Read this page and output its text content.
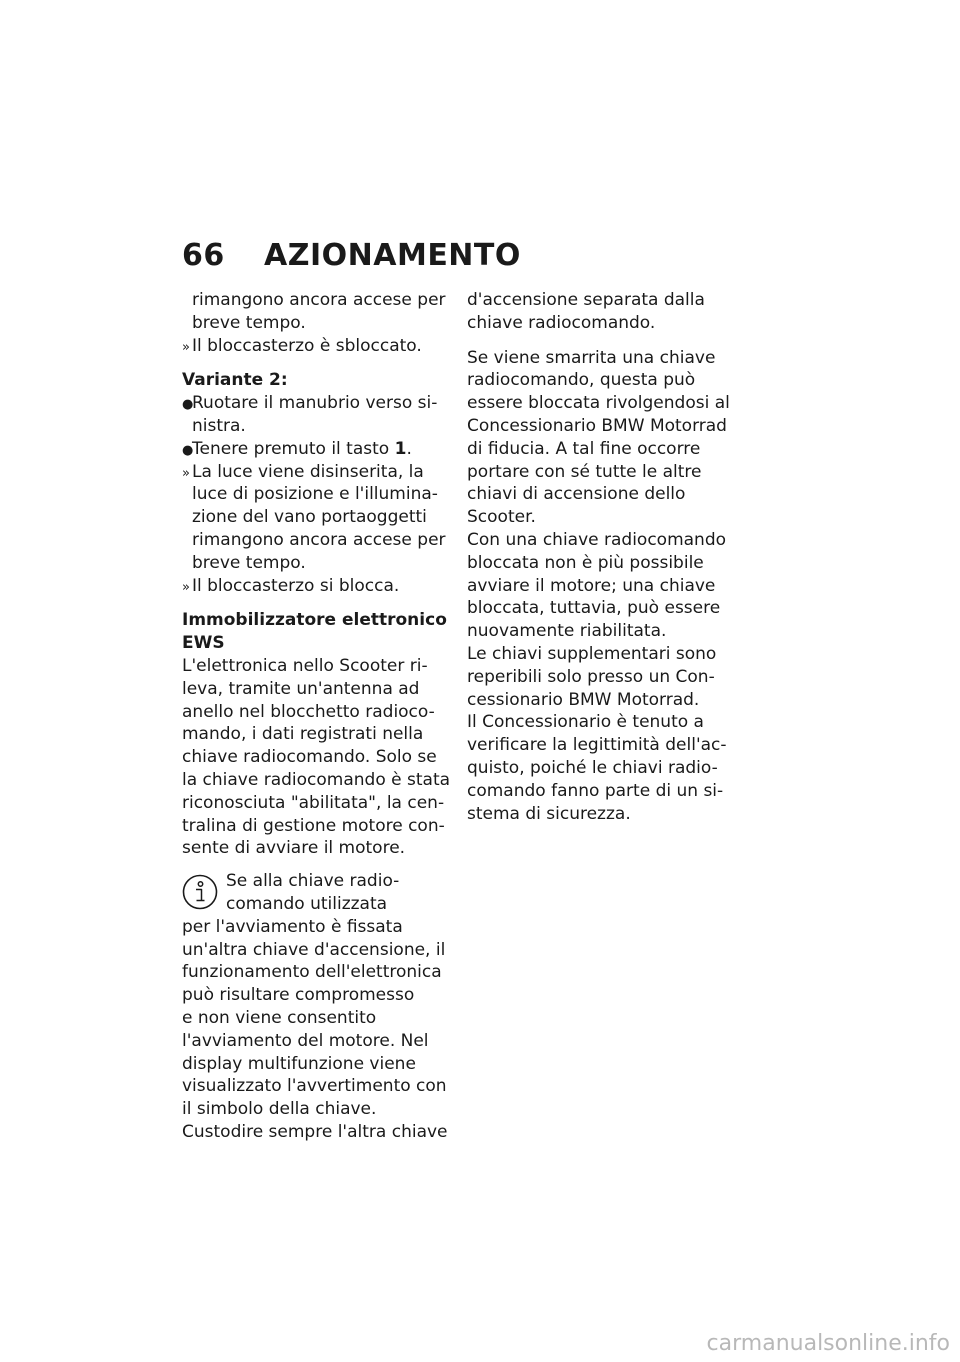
66	AZIONAMENTO
rimangono ancora accese per
breve tempo.
» Il bloccasterzo è sbloccato.
Variante 2:
●Ruotare il manubrio verso si-
nistra.
●Tenere premuto il tasto 1.
» La luce viene disinserita, la
luce di posizione e l'illumina-
zione del vano portaoggetti
rimangono ancora accese per
breve tempo.
» Il bloccasterzo si blocca.
Immobilizzatore elettronico
EWS
L'elettronica nello Scooter ri-
leva, tramite un'antenna ad
anello nel blocchetto radioco-
mando, i dati registrati nella
chiave radiocomando. Solo se
la chiave radiocomando è stata
riconosciuta "abilitata", la cen-
tralina di gestione motore con-
sente di avviare il motore.
Se alla chiave radio-
comando utilizzata
per l'avviamento è fissata
un'altra chiave d'accensione, il
funzionamento dell'elettronica
può risultare compromesso
e non viene consentito
l'avviamento del motore. Nel
display multifunzione viene
visualizzato l'avvertimento con
il simbolo della chiave.
Custodire sempre l'altra chiave
d'accensione separata dalla
chiave radiocomando.
Se viene smarrita una chiave
radiocomando, questa può
essere bloccata rivolgendosi al
Concessionario BMW Motorrad
di fiducia. A tal fine occorre
portare con sé tutte le altre
chiavi di accensione dello
Scooter.
Con una chiave radiocomando
bloccata non è più possibile
avviare il motore; una chiave
bloccata, tuttavia, può essere
nuovamente riabilitata.
Le chiavi supplementari sono
reperibili solo presso un Con-
cessionario BMW Motorrad.
Il Concessionario è tenuto a
verificare la legittimità dell'ac-
quisto, poiché le chiavi radio-
comando fanno parte di un si-
stema di sicurezza.
carmanualsonline.info
